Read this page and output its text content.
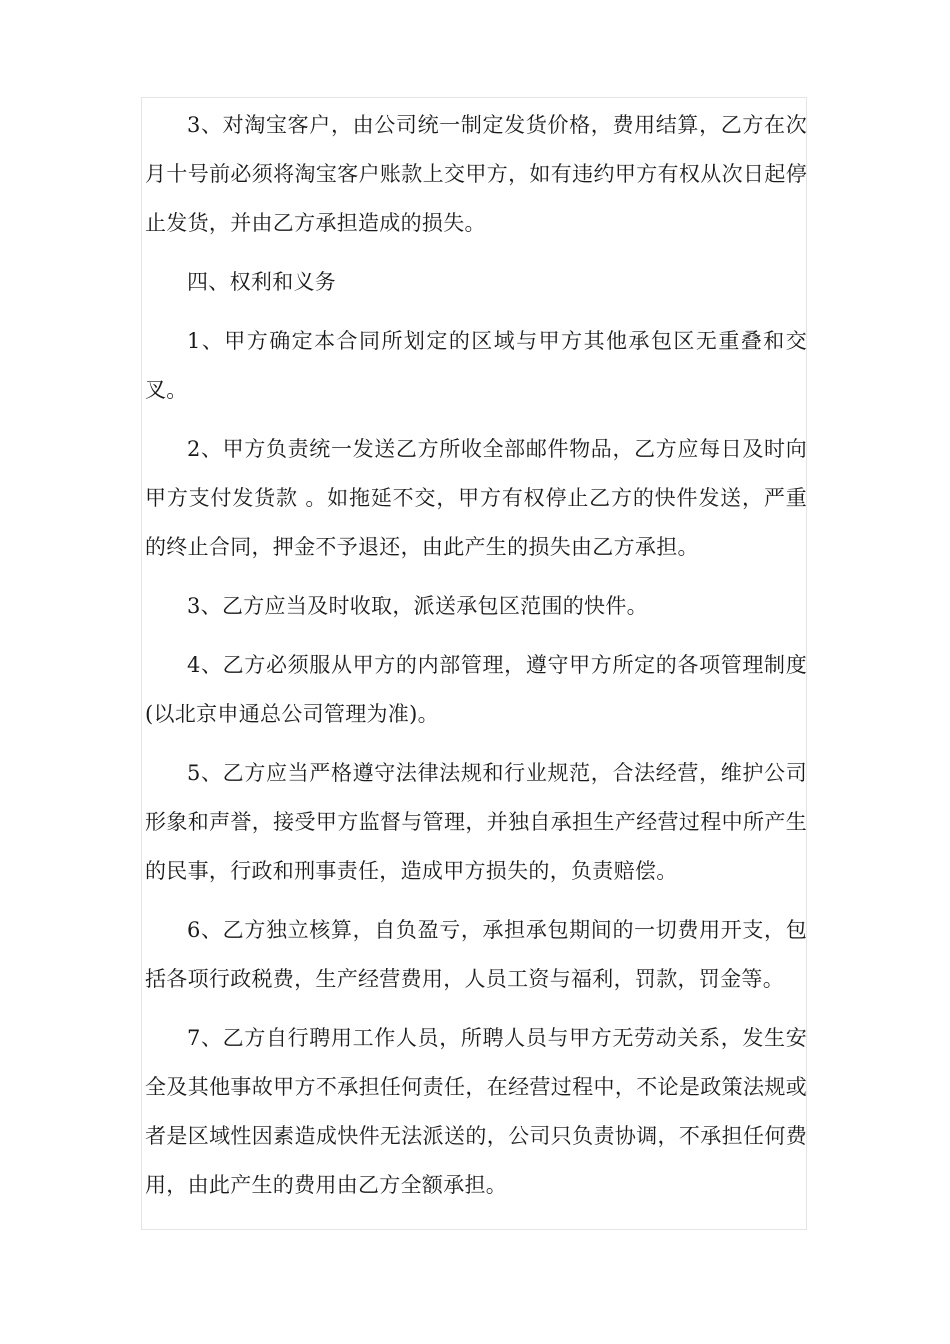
3、对淘宝客户，由公司统一制定发货价格，费用结算，乙方在次月十号前必须将淘宝客户账款上交甲方，如有违约甲方有权从次日起停止发货，并由乙方承担造成的损失。

四、权利和义务

1、甲方确定本合同所划定的区域与甲方其他承包区无重叠和交叉。

2、甲方负责统一发送乙方所收全部邮件物品，乙方应每日及时向甲方支付发货款 。如拖延不交，甲方有权停止乙方的快件发送，严重的终止合同，押金不予退还，由此产生的损失由乙方承担。

3、乙方应当及时收取，派送承包区范围的快件。

4、乙方必须服从甲方的内部管理，遵守甲方所定的各项管理制度(以北京申通总公司管理为准)。

5、乙方应当严格遵守法律法规和行业规范，合法经营，维护公司形象和声誉，接受甲方监督与管理，并独自承担生产经营过程中所产生的民事，行政和刑事责任，造成甲方损失的，负责赔偿。

6、乙方独立核算，自负盈亏，承担承包期间的一切费用开支，包括各项行政税费，生产经营费用，人员工资与福利，罚款，罚金等。

7、乙方自行聘用工作人员，所聘人员与甲方无劳动关系，发生安全及其他事故甲方不承担任何责任，在经营过程中，不论是政策法规或者是区域性因素造成快件无法派送的，公司只负责协调，不承担任何费用，由此产生的费用由乙方全额承担。
